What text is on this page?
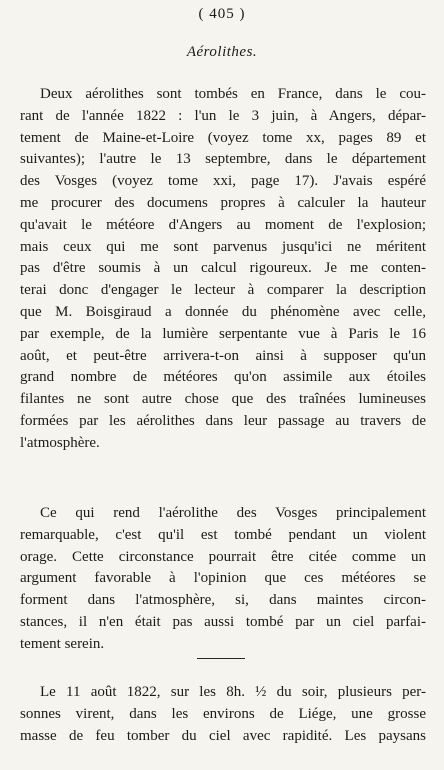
( 405 )
Aérolithes.
Deux aérolithes sont tombés en France, dans le cou-
rant de l'année 1822 : l'un le 3 juin, à Angers, dépar-
tement de Maine-et-Loire (voyez tome xx, pages 89 et
suivantes); l'autre le 13 septembre, dans le département
des Vosges (voyez tome xxi, page 17). J'avais espéré
me procurer des documens propres à calculer la hauteur
qu'avait le météore d'Angers au moment de l'explosion;
mais ceux qui me sont parvenus jusqu'ici ne méritent
pas d'être soumis à un calcul rigoureux. Je me conten-
terai donc d'engager le lecteur à comparer la description
que M. Boisgiraud a donnée du phénomène avec celle,
par exemple, de la lumière serpentante vue à Paris le 16
août, et peut-être arrivera-t-on ainsi à supposer qu'un
grand nombre de météores qu'on assimile aux étoiles
filantes ne sont autre chose que des traînées lumineuses
formées par les aérolithes dans leur passage au travers de
l'atmosphère.
Ce qui rend l'aérolithe des Vosges principalement
remarquable, c'est qu'il est tombé pendant un violent
orage. Cette circonstance pourrait être citée comme un
argument favorable à l'opinion que ces météores se
forment dans l'atmosphère, si, dans maintes circon-
stances, il n'en était pas aussi tombé par un ciel parfai-
tement serein.
Le 11 août 1822, sur les 8h. ½ du soir, plusieurs per-
sonnes virent, dans les environs de Liége, une grosse
masse de feu tomber du ciel avec rapidité. Les paysans
